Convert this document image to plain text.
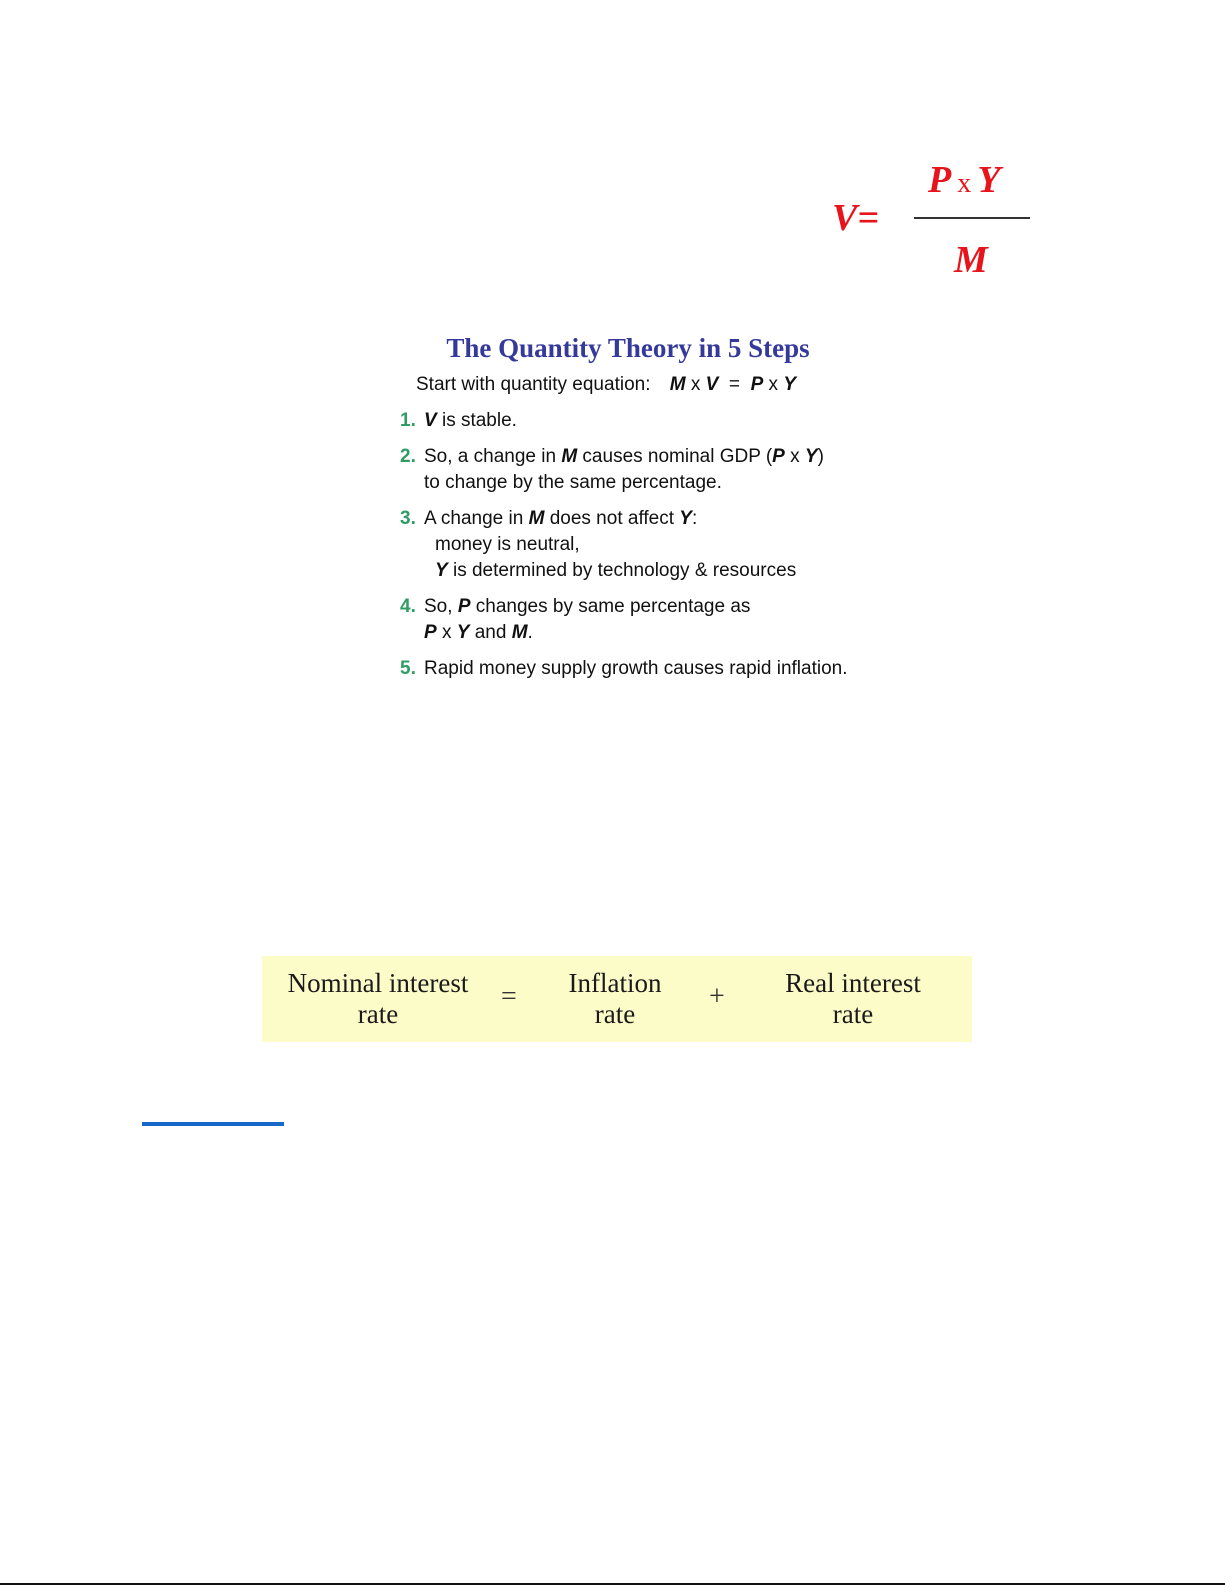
V=
P x Y
M
The Quantity Theory in 5 Steps
Start with quantity equation: M x V = P x Y
1. V is stable.
2. So, a change in M causes nominal GDP (P x Y)
to change by the same percentage.
3. A change in M does not affect Y:
money is neutral,
Y is determined by technology & resources
4. So, P changes by same percentage as
P x Y and M.
5. Rapid money supply growth causes rapid inflation.
Nominal interest
rate
=	Inflation
rate
+	Real interest
rate
